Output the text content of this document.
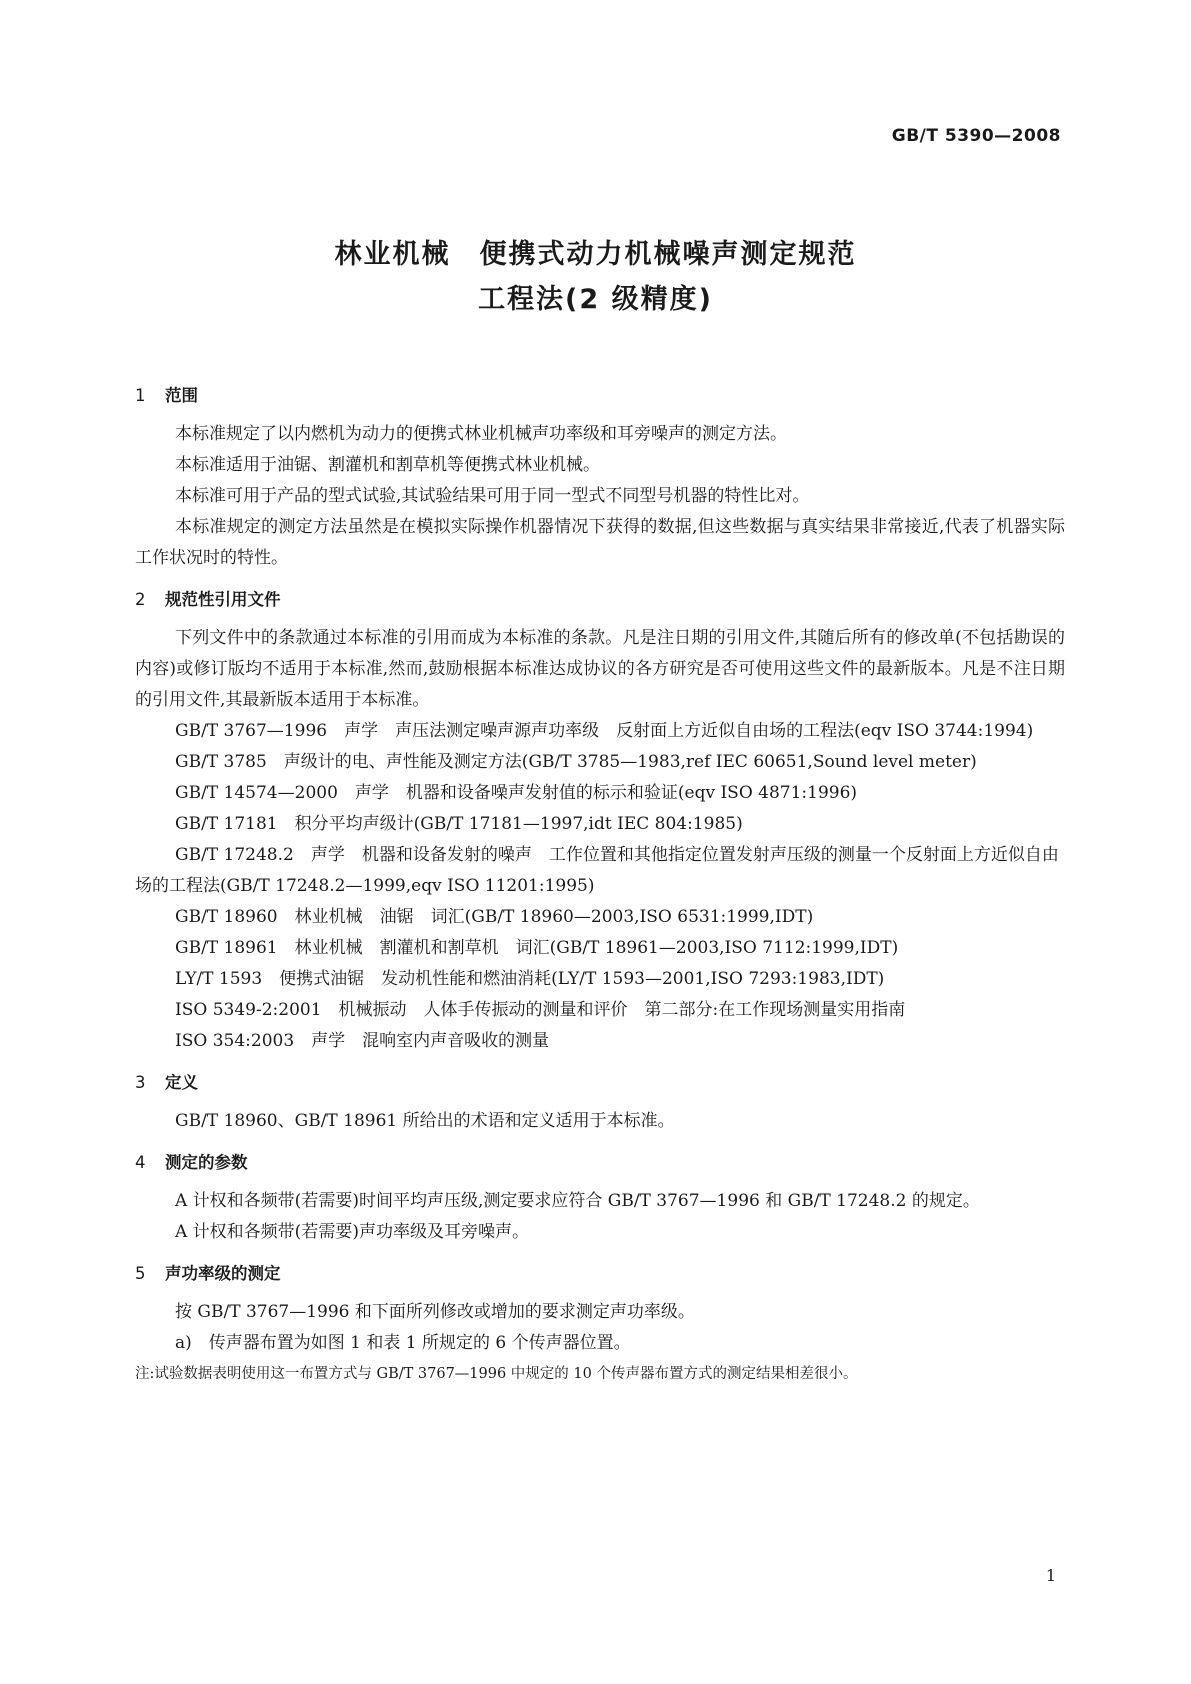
GB/T 5390—2008
林业机械　便携式动力机械噪声测定规范
工程法(2 级精度)
1	范围

本标准规定了以内燃机为动力的便携式林业机械声功率级和耳旁噪声的测定方法。

本标准适用于油锯、割灌机和割草机等便携式林业机械。

本标准可用于产品的型式试验,其试验结果可用于同一型式不同型号机器的特性比对。

本标准规定的测定方法虽然是在模拟实际操作机器情况下获得的数据,但这些数据与真实结果非常接近,代表了机器实际工作状况时的特性。

2	规范性引用文件

下列文件中的条款通过本标准的引用而成为本标准的条款。凡是注日期的引用文件,其随后所有的修改单(不包括勘误的内容)或修订版均不适用于本标准,然而,鼓励根据本标准达成协议的各方研究是否可使用这些文件的最新版本。凡是不注日期的引用文件,其最新版本适用于本标准。

GB/T 3767—1996　声学　声压法测定噪声源声功率级　反射面上方近似自由场的工程法(eqv ISO 3744:1994)

GB/T 3785　声级计的电、声性能及测定方法(GB/T 3785—1983,ref IEC 60651,Sound level meter)

GB/T 14574—2000　声学　机器和设备噪声发射值的标示和验证(eqv ISO 4871:1996)

GB/T 17181　积分平均声级计(GB/T 17181—1997,idt IEC 804:1985)

GB/T 17248.2　声学　机器和设备发射的噪声　工作位置和其他指定位置发射声压级的测量一个反射面上方近似自由场的工程法(GB/T 17248.2—1999,eqv ISO 11201:1995)

GB/T 18960　林业机械　油锯　词汇(GB/T 18960—2003,ISO 6531:1999,IDT)

GB/T 18961　林业机械　割灌机和割草机　词汇(GB/T 18961—2003,ISO 7112:1999,IDT)

LY/T 1593　便携式油锯　发动机性能和燃油消耗(LY/T 1593—2001,ISO 7293:1983,IDT)

ISO 5349-2:2001　机械振动　人体手传振动的测量和评价　第二部分:在工作现场测量实用指南

ISO 354:2003　声学　混响室内声音吸收的测量

3	定义

GB/T 18960、GB/T 18961 所给出的术语和定义适用于本标准。

4	测定的参数

A 计权和各频带(若需要)时间平均声压级,测定要求应符合 GB/T 3767—1996 和 GB/T 17248.2 的规定。

A 计权和各频带(若需要)声功率级及耳旁噪声。

5	声功率级的测定

按 GB/T 3767—1996 和下面所列修改或增加的要求测定声功率级。

a)　传声器布置为如图 1 和表 1 所规定的 6 个传声器位置。

注:试验数据表明使用这一布置方式与 GB/T 3767—1996 中规定的 10 个传声器布置方式的测定结果相差很小。

1
